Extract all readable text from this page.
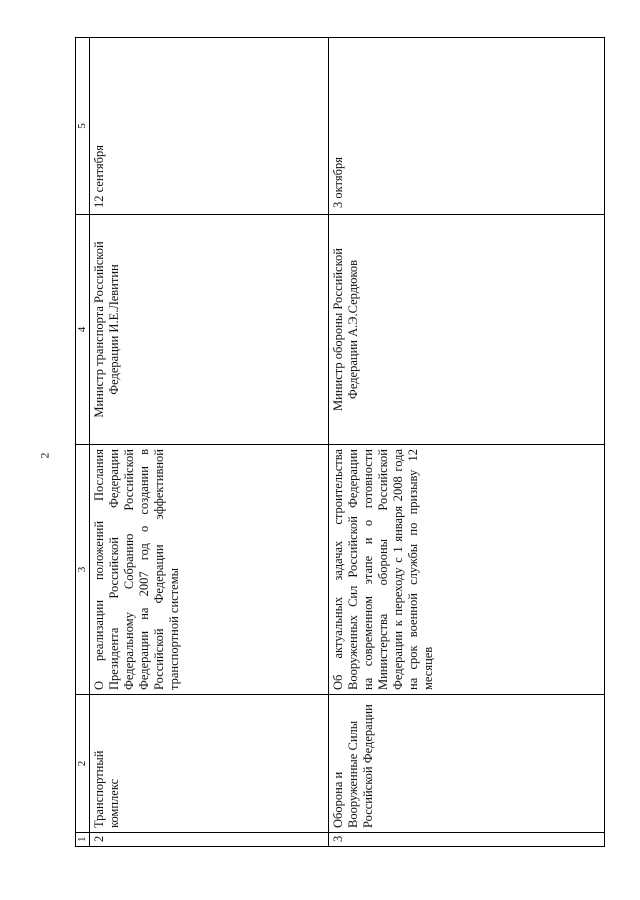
2
1	2	3	4	5
2	Транспортный комплекс	О реализации положений Послания Президента Российской Федерации Федеральному Собранию Российской Федерации на 2007 год о создании в Российской Федерации эффективной транспортной системы	Министр транспорта Российской Федерации И.Е.Левитин	12 сентября
3	Оборона и Вооруженные Силы Российской Федерации	Об актуальных задачах строительства Вооруженных Сил Российской Федерации на современном этапе и о готовности Министерства обороны Российской Федерации к переходу с 1 января 2008 года на срок военной службы по призыву 12 месяцев	Министр обороны Российской Федерации А.Э.Сердюков	3 октября
